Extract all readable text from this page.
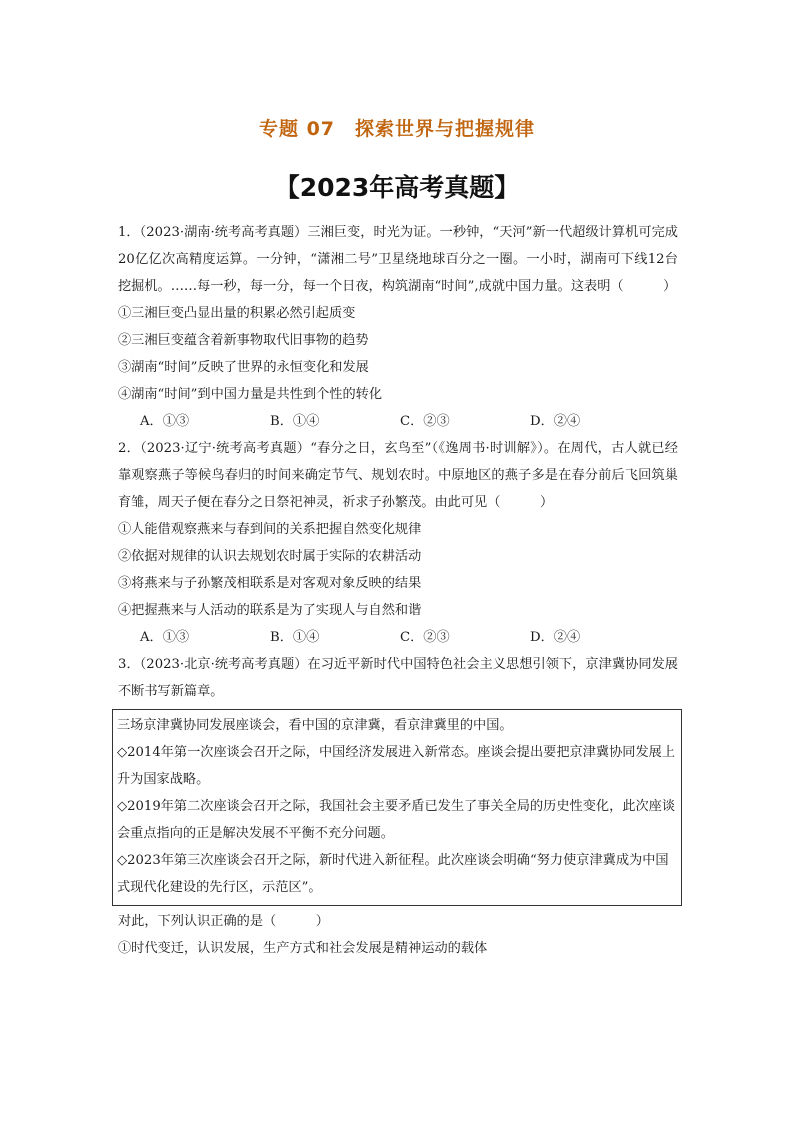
专题 07　探索世界与把握规律
【2023年高考真题】

1．（2023·湖南·统考高考真题）三湘巨变，时光为证。一秒钟，“天河”新一代超级计算机可完成20亿亿次高精度运算。一分钟，“潇湘二号”卫星绕地球百分之一圈。一小时，湖南可下线12台挖掘机。……每一秒，每一分，每一个日夜，构筑湖南“时间”,成就中国力量。这表明（　　　）

①三湘巨变凸显出量的积累必然引起质变

②三湘巨变蕴含着新事物取代旧事物的趋势

③湖南“时间”反映了世界的永恒变化和发展

④湖南“时间”到中国力量是共性到个性的转化

A．①③	B．①④	C．②③	D．②④

2．（2023·辽宁·统考高考真题）“春分之日，玄鸟至”（《逸周书·时训解》）。在周代，古人就已经靠观察燕子等候鸟春归的时间来确定节气、规划农时。中原地区的燕子多是在春分前后飞回筑巢育雏，周天子便在春分之日祭祀神灵，祈求子孙繁茂。由此可见（　　　）

①人能借观察燕来与春到间的关系把握自然变化规律

②依据对规律的认识去规划农时属于实际的农耕活动

③将燕来与子孙繁茂相联系是对客观对象反映的结果

④把握燕来与人活动的联系是为了实现人与自然和谐

A．①③	B．①④	C．②③	D．②④

3．（2023·北京·统考高考真题）在习近平新时代中国特色社会主义思想引领下，京津冀协同发展不断书写新篇章。

三场京津冀协同发展座谈会，看中国的京津冀，看京津冀里的中国。

◇2014年第一次座谈会召开之际，中国经济发展进入新常态。座谈会提出要把京津冀协同发展上升为国家战略。

◇2019年第二次座谈会召开之际，我国社会主要矛盾已发生了事关全局的历史性变化，此次座谈会重点指向的正是解决发展不平衡不充分问题。

◇2023年第三次座谈会召开之际，新时代进入新征程。此次座谈会明确“努力使京津冀成为中国式现代化建设的先行区，示范区”。

对此，下列认识正确的是（　　　）

①时代变迁，认识发展，生产方式和社会发展是精神运动的载体
